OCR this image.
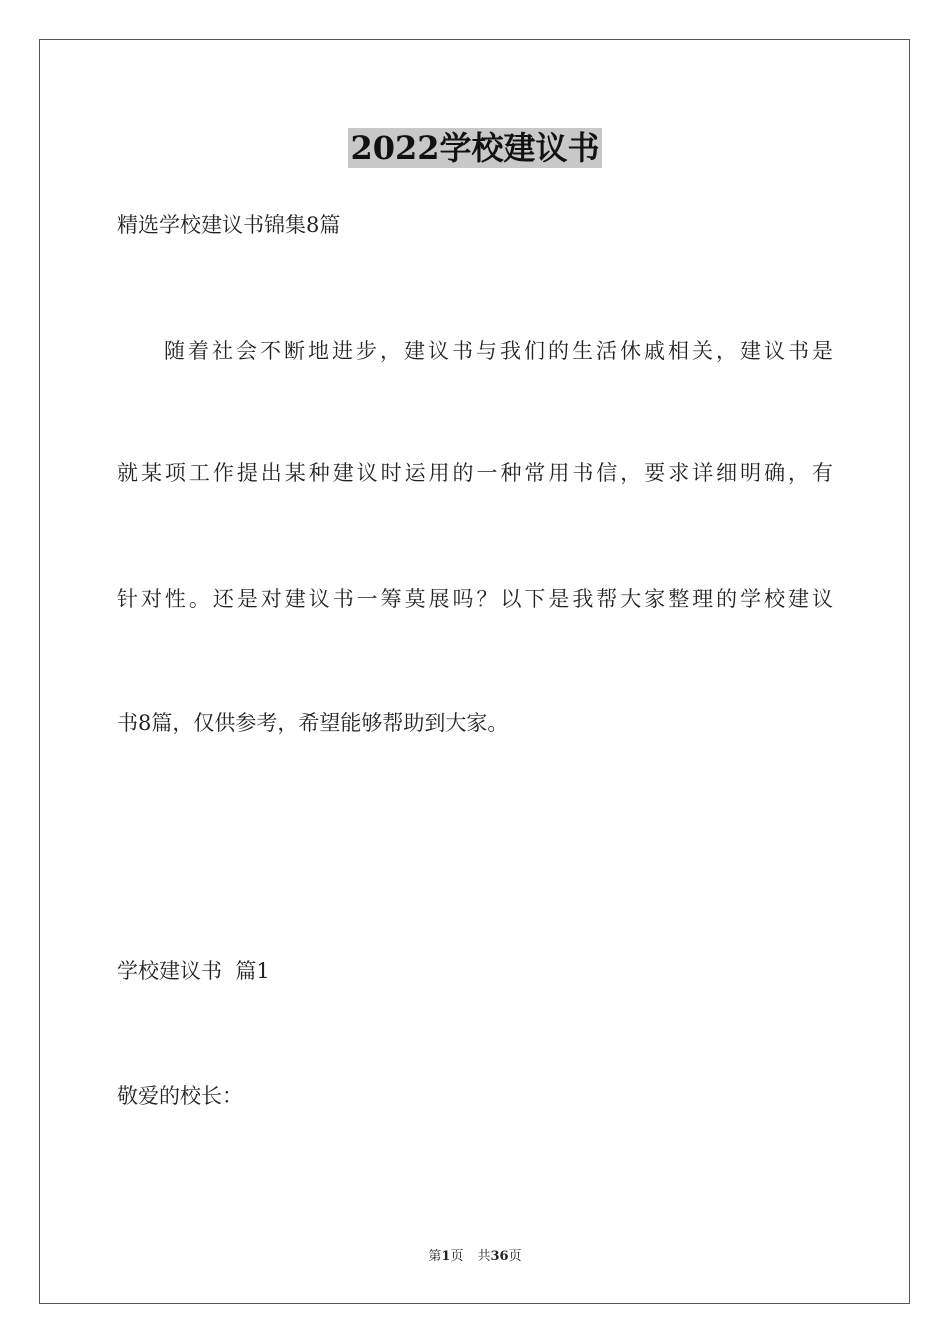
2022学校建议书
精选学校建议书锦集8篇
随着社会不断地进步，建议书与我们的生活休戚相关，建议书是
就某项工作提出某种建议时运用的一种常用书信，要求详细明确，有
针对性。还是对建议书一筹莫展吗？以下是我帮大家整理的学校建议
书8篇，仅供参考，希望能够帮助到大家。
学校建议书  篇1
敬爱的校长：
第1页 共36页
